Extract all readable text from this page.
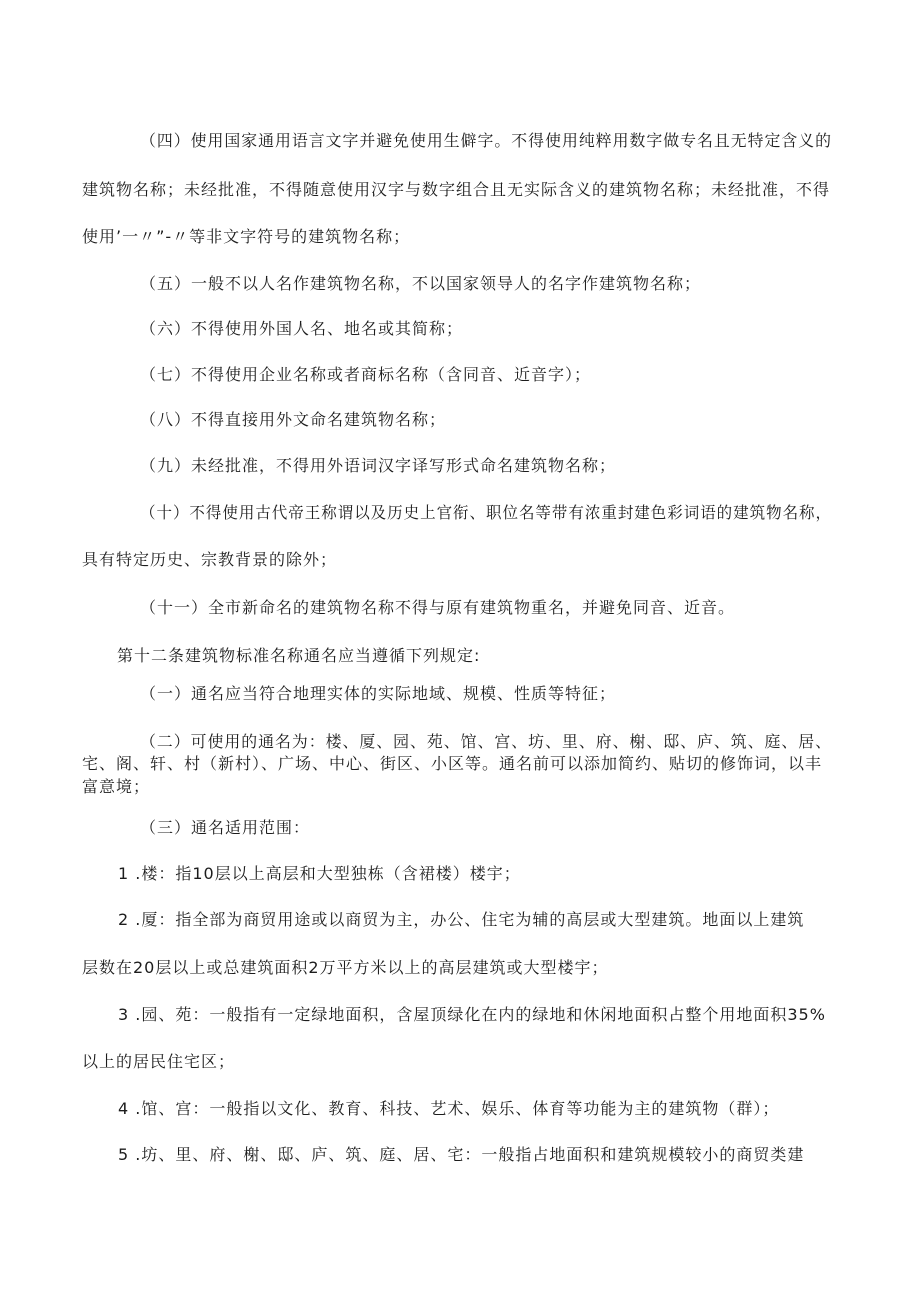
（四）使用国家通用语言文字并避免使用生僻字。不得使用纯粹用数字做专名且无特定含义的
建筑物名称；未经批准，不得随意使用汉字与数字组合且无实际含义的建筑物名称；未经批准，不得
使用’一〃”-〃等非文字符号的建筑物名称；
（五）一般不以人名作建筑物名称，不以国家领导人的名字作建筑物名称；
（六）不得使用外国人名、地名或其简称；
（七）不得使用企业名称或者商标名称（含同音、近音字）；
（八）不得直接用外文命名建筑物名称；
（九）未经批准，不得用外语词汉字译写形式命名建筑物名称；
（十）不得使用古代帝王称谓以及历史上官衔、职位名等带有浓重封建色彩词语的建筑物名称，
具有特定历史、宗教背景的除外；
（十一）全市新命名的建筑物名称不得与原有建筑物重名，并避免同音、近音。
第十二条建筑物标准名称通名应当遵循下列规定:
（一）通名应当符合地理实体的实际地域、规模、性质等特征；
（二）可使用的通名为：楼、厦、园、苑、馆、宫、坊、里、府、榭、邸、庐、筑、庭、居、
宅、阁、轩、村（新村）、广场、中心、街区、小区等。通名前可以添加简约、贴切的修饰词，以丰
富意境；
（三）通名适用范围：
1 .楼：指10层以上高层和大型独栋（含裙楼）楼宇；
2 .厦：指全部为商贸用途或以商贸为主，办公、住宅为辅的高层或大型建筑。地面以上建筑
层数在20层以上或总建筑面积2万平方米以上的高层建筑或大型楼宇；
3 .园、苑：一般指有一定绿地面积，含屋顶绿化在内的绿地和休闲地面积占整个用地面积35%
以上的居民住宅区；
4 .馆、宫：一般指以文化、教育、科技、艺术、娱乐、体育等功能为主的建筑物（群）；
5 .坊、里、府、榭、邸、庐、筑、庭、居、宅：一般指占地面积和建筑规模较小的商贸类建
